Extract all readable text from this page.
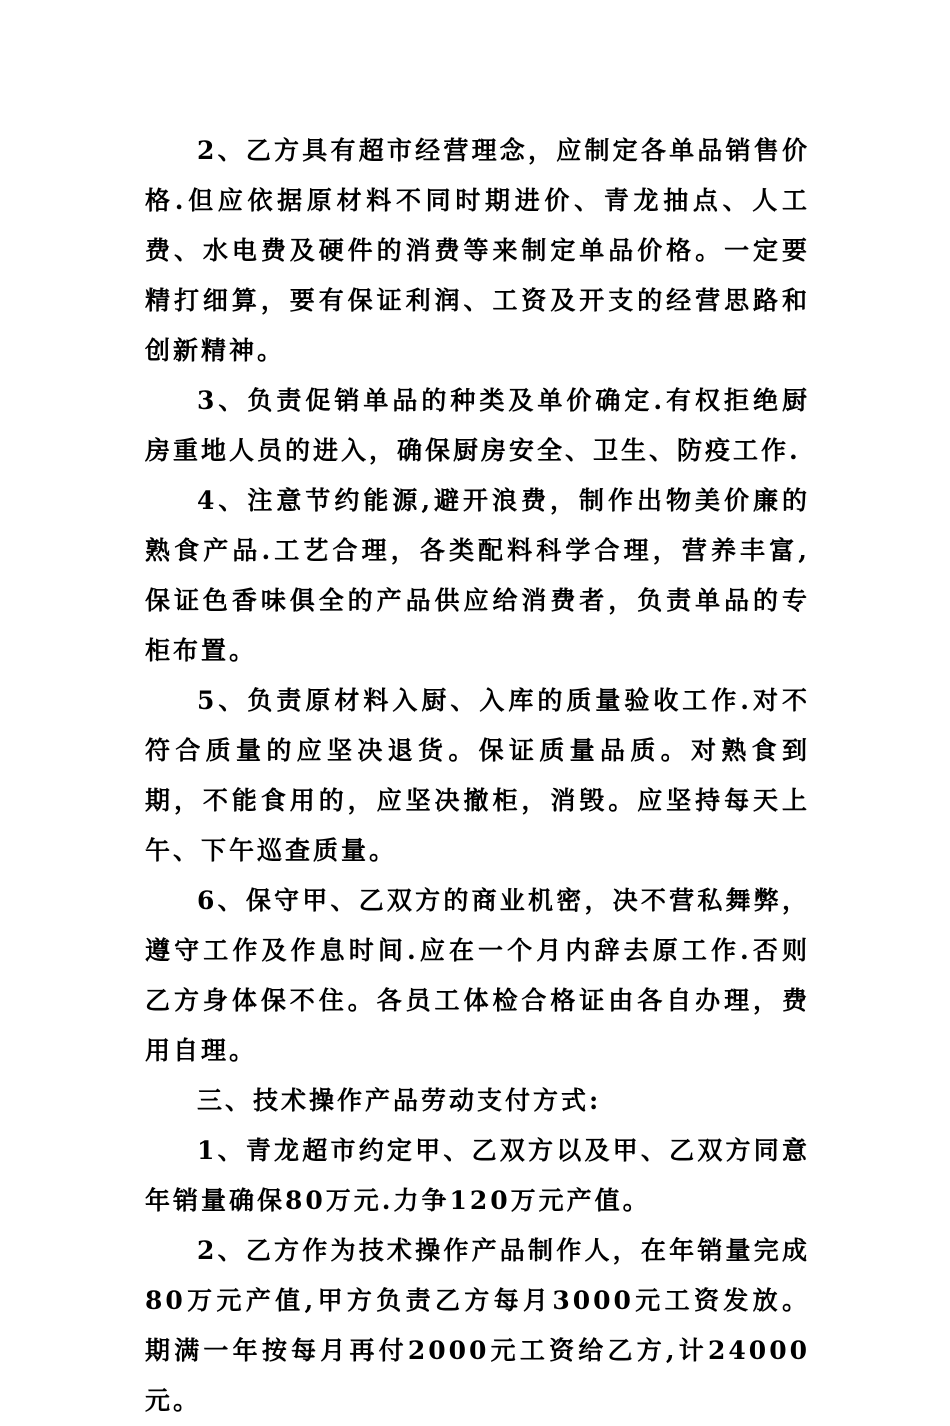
2、乙方具有超市经营理念，应制定各单品销售价格.但应依据原材料不同时期进价、青龙抽点、人工费、水电费及硬件的消费等来制定单品价格。一定要精打细算，要有保证利润、工资及开支的经营思路和创新精神。

3、负责促销单品的种类及单价确定.有权拒绝厨房重地人员的进入，确保厨房安全、卫生、防疫工作.

4、注意节约能源,避开浪费，制作出物美价廉的熟食产品.工艺合理，各类配料科学合理，营养丰富,保证色香味俱全的产品供应给消费者，负责单品的专柜布置。

5、负责原材料入厨、入库的质量验收工作.对不符合质量的应坚决退货。保证质量品质。对熟食到期，不能食用的，应坚决撤柜，消毁。应坚持每天上午、下午巡查质量。

6、保守甲、乙双方的商业机密，决不营私舞弊，遵守工作及作息时间.应在一个月内辞去原工作.否则乙方身体保不住。各员工体检合格证由各自办理，费用自理。

三、技术操作产品劳动支付方式:

1、青龙超市约定甲、乙双方以及甲、乙双方同意年销量确保80万元.力争120万元产值。

2、乙方作为技术操作产品制作人，在年销量完成80万元产值,甲方负责乙方每月3000元工资发放。期满一年按每月再付2000元工资给乙方,计24000元。
